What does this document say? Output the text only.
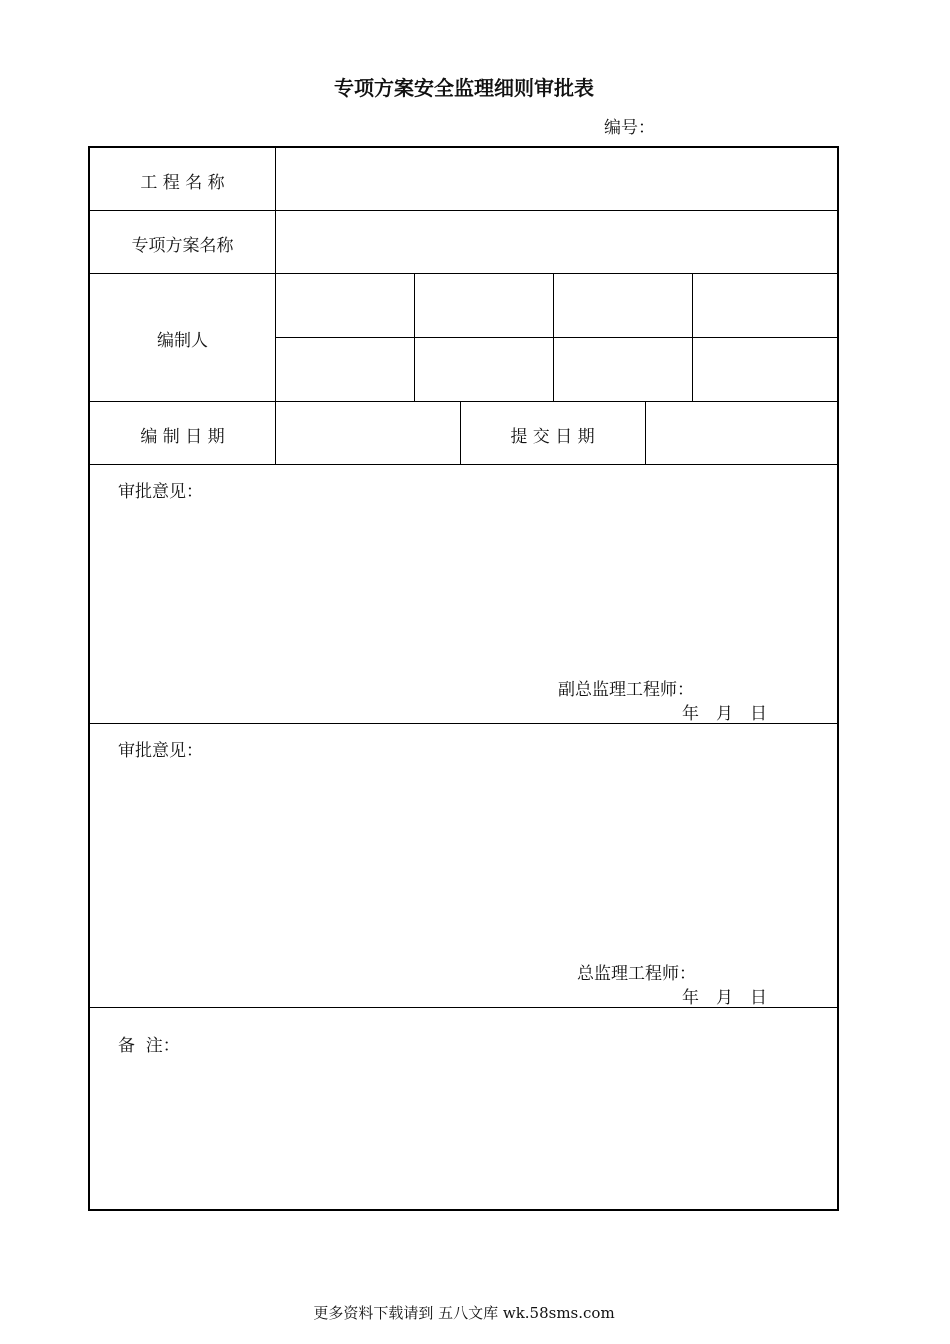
专项方案安全监理细则审批表
编号：
工 程 名 称
专项方案名称
编制人
编 制 日 期	提 交 日 期
审批意见：
副总监理工程师：
年　月　日
审批意见：
总监理工程师：
年　月　日
备  注：
更多资料下载请到 五八文库 wk.58sms.com
